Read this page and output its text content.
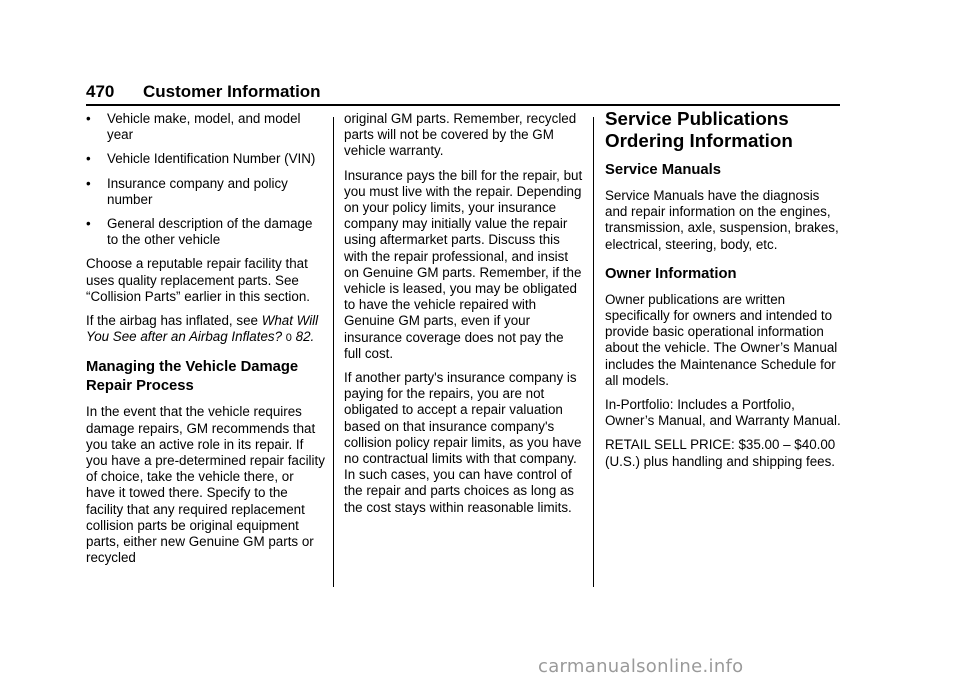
470 Customer Information
•	Vehicle make, model, and model year
•	Vehicle Identification Number (VIN)
•	Insurance company and policy number
•	General description of the damage to the other vehicle

Choose a reputable repair facility that uses quality replacement parts. See “Collision Parts” earlier in this section.

If the airbag has inflated, see What Will You See after an Airbag Inflates? 0 82.

Managing the Vehicle Damage Repair Process

In the event that the vehicle requires damage repairs, GM recommends that you take an active role in its repair. If you have a pre-determined repair facility of choice, take the vehicle there, or have it towed there. Specify to the facility that any required replacement collision parts be original equipment parts, either new Genuine GM parts or recycled

original GM parts. Remember, recycled parts will not be covered by the GM vehicle warranty.

Insurance pays the bill for the repair, but you must live with the repair. Depending on your policy limits, your insurance company may initially value the repair using aftermarket parts. Discuss this with the repair professional, and insist on Genuine GM parts. Remember, if the vehicle is leased, you may be obligated to have the vehicle repaired with Genuine GM parts, even if your insurance coverage does not pay the full cost.

If another party's insurance company is paying for the repairs, you are not obligated to accept a repair valuation based on that insurance company's collision policy repair limits, as you have no contractual limits with that company. In such cases, you can have control of the repair and parts choices as long as the cost stays within reasonable limits.

Service Publications Ordering Information
Service Manuals

Service Manuals have the diagnosis and repair information on the engines, transmission, axle, suspension, brakes, electrical, steering, body, etc.

Owner Information

Owner publications are written specifically for owners and intended to provide basic operational information about the vehicle. The Owner’s Manual includes the Maintenance Schedule for all models.

In-Portfolio: Includes a Portfolio, Owner’s Manual, and Warranty Manual.

RETAIL SELL PRICE: $35.00 – $40.00 (U.S.) plus handling and shipping fees.

carmanualsonline.info
